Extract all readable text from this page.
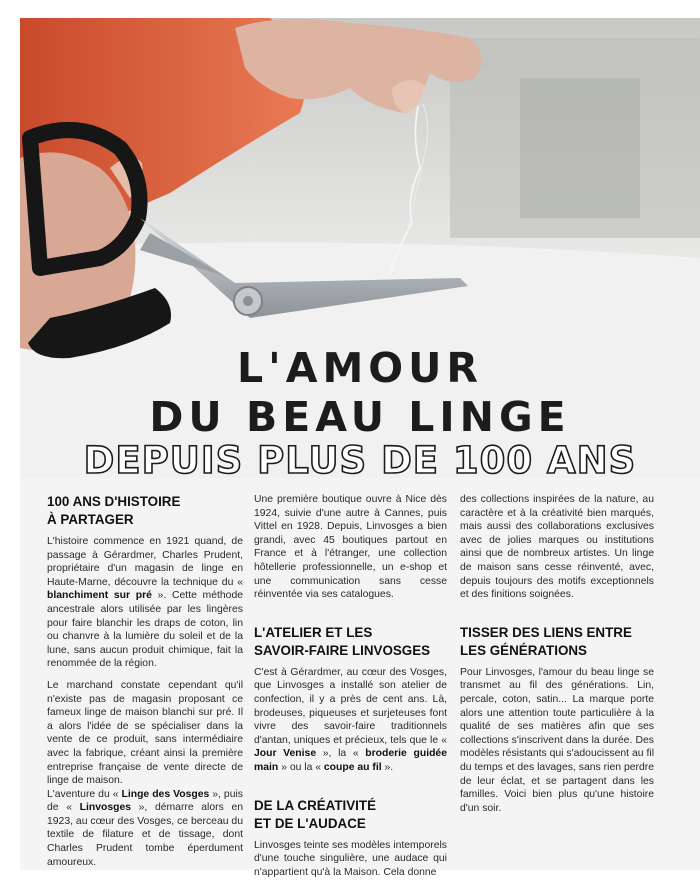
L'AMOUR
DU BEAU LINGE
DEPUIS PLUS DE 100 ANS
100 ANS D'HISTOIRE
À PARTAGER

L'histoire commence en 1921 quand, de passage à Gérardmer, Charles Prudent, propriétaire d'un magasin de linge en Haute-Marne, découvre la technique du « blanchiment sur pré ». Cette méthode ancestrale alors utilisée par les lingères pour faire blanchir les draps de coton, lin ou chanvre à la lumière du soleil et de la lune, sans aucun produit chimique, fait la renommée de la région.

Le marchand constate cependant qu'il n'existe pas de magasin proposant ce fameux linge de maison blanchi sur pré. Il a alors l'idée de se spécialiser dans la vente de ce produit, sans intermédiaire avec la fabrique, créant ainsi la première entreprise française de vente directe de linge de maison.

L'aventure du « Linge des Vosges », puis de « Linvosges », démarre alors en 1923, au cœur des Vosges, ce berceau du textile de filature et de tissage, dont Charles Prudent tombe éperdument amoureux.

Une première boutique ouvre à Nice dès 1924, suivie d'une autre à Cannes, puis Vittel en 1928. Depuis, Linvosges a bien grandi, avec 45 boutiques partout en France et à l'étranger, une collection hôtellerie professionnelle, un e-shop et une communication sans cesse réinventée via ses catalogues.

L'ATELIER ET LES
SAVOIR-FAIRE LINVOSGES

C'est à Gérardmer, au cœur des Vosges, que Linvosges a installé son atelier de confection, il y a près de cent ans. Là, brodeuses, piqueuses et surjeteuses font vivre des savoir-faire traditionnels d'antan, uniques et précieux, tels que le « Jour Venise », la « broderie guidée main » ou la « coupe au fil ».

DE LA CRÉATIVITÉ
ET DE L'AUDACE

Linvosges teinte ses modèles intemporels d'une touche singulière, une audace qui n'appartient qu'à la Maison. Cela donne

des collections inspirées de la nature, au caractère et à la créativité bien marqués, mais aussi des collaborations exclusives avec de jolies marques ou institutions ainsi que de nombreux artistes. Un linge de maison sans cesse réinventé, avec, depuis toujours des motifs exceptionnels et des finitions soignées.

TISSER DES LIENS ENTRE
LES GÉNÉRATIONS

Pour Linvosges, l'amour du beau linge se transmet au fil des générations. Lin, percale, coton, satin... La marque porte alors une attention toute particulière à la qualité de ses matières afin que ses collections s'inscrivent dans la durée. Des modèles résistants qui s'adoucissent au fil du temps et des lavages, sans rien perdre de leur éclat, et se partagent dans les familles. Voici bien plus qu'une histoire d'un soir.
